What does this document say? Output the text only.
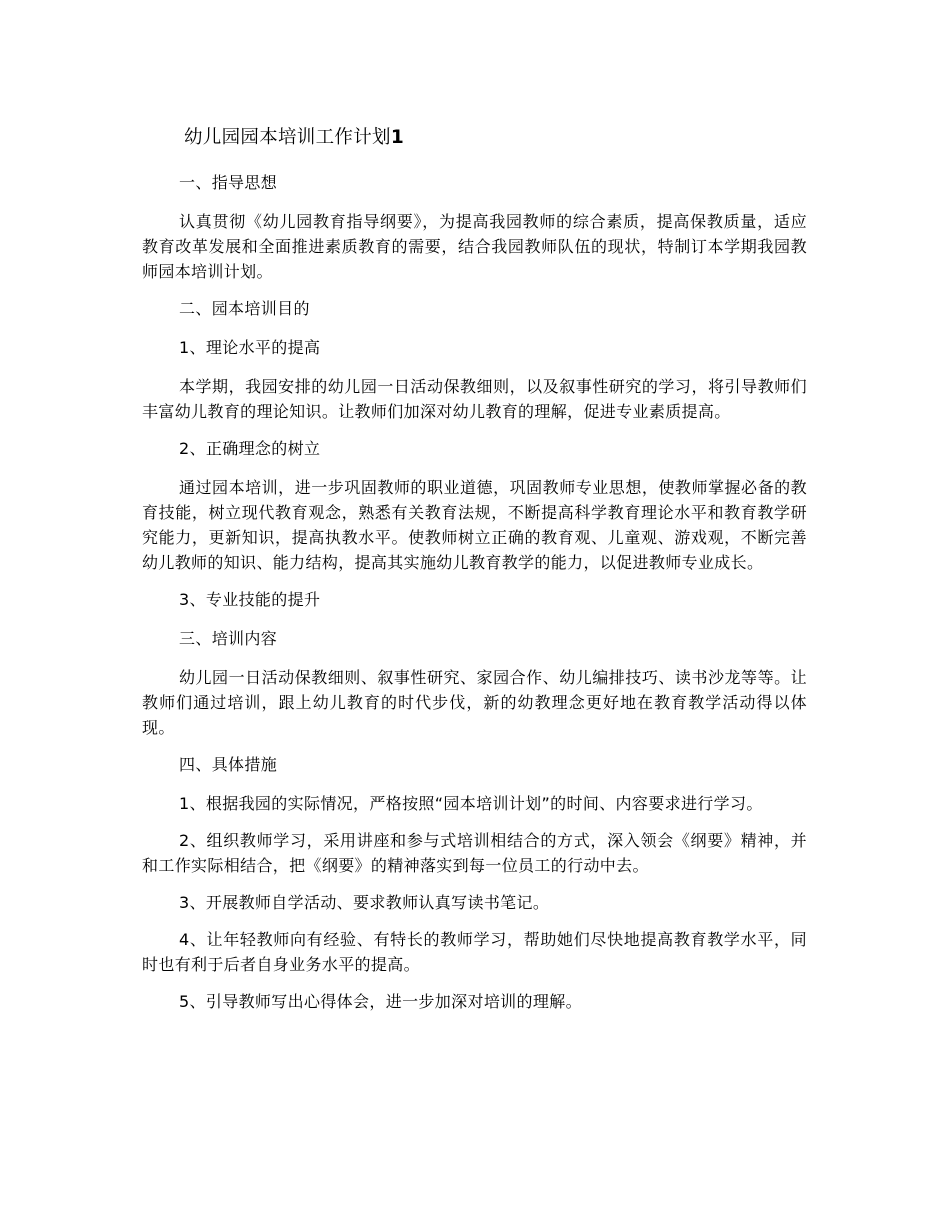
幼儿园园本培训工作计划1

一、指导思想

认真贯彻《幼儿园教育指导纲要》，为提高我园教师的综合素质，提高保教质量，适应教育改革发展和全面推进素质教育的需要，结合我园教师队伍的现状，特制订本学期我园教师园本培训计划。

二、园本培训目的

1、理论水平的提高

本学期，我园安排的幼儿园一日活动保教细则，以及叙事性研究的学习，将引导教师们丰富幼儿教育的理论知识。让教师们加深对幼儿教育的理解，促进专业素质提高。

2、正确理念的树立

通过园本培训，进一步巩固教师的职业道德，巩固教师专业思想，使教师掌握必备的教育技能，树立现代教育观念，熟悉有关教育法规，不断提高科学教育理论水平和教育教学研究能力，更新知识，提高执教水平。使教师树立正确的教育观、儿童观、游戏观，不断完善幼儿教师的知识、能力结构，提高其实施幼儿教育教学的能力，以促进教师专业成长。

3、专业技能的提升

三、培训内容

幼儿园一日活动保教细则、叙事性研究、家园合作、幼儿编排技巧、读书沙龙等等。让教师们通过培训，跟上幼儿教育的时代步伐，新的幼教理念更好地在教育教学活动得以体现。

四、具体措施

1、根据我园的实际情况，严格按照“园本培训计划”的时间、内容要求进行学习。

2、组织教师学习，采用讲座和参与式培训相结合的方式，深入领会《纲要》精神，并和工作实际相结合，把《纲要》的精神落实到每一位员工的行动中去。

3、开展教师自学活动、要求教师认真写读书笔记。

4、让年轻教师向有经验、有特长的教师学习，帮助她们尽快地提高教育教学水平，同时也有利于后者自身业务水平的提高。

5、引导教师写出心得体会，进一步加深对培训的理解。
